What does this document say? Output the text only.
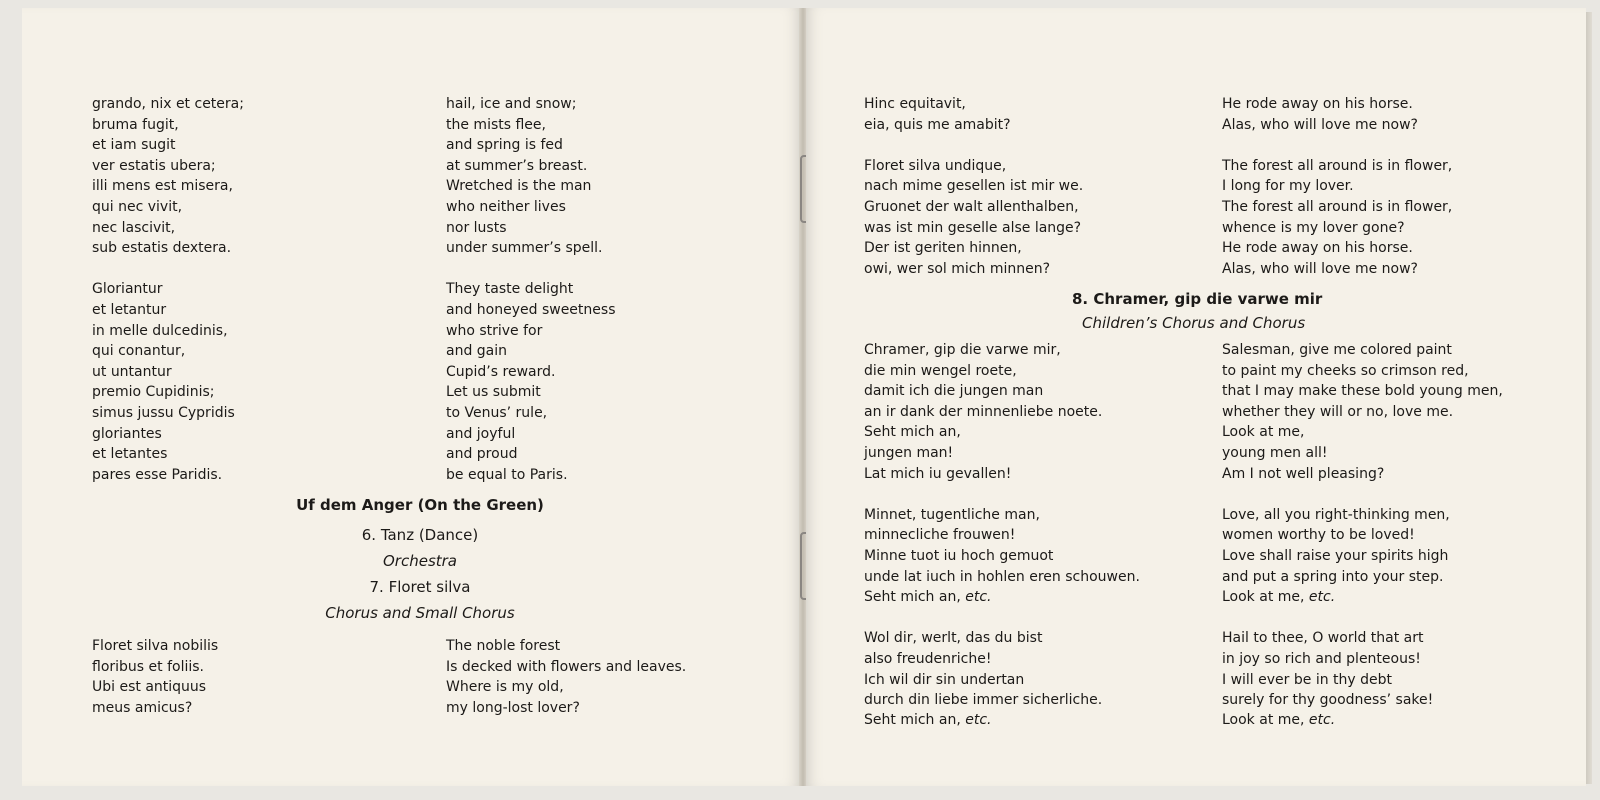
grando, nix et cetera;
bruma fugit,
et iam sugit
ver estatis ubera;
illi mens est misera,
qui nec vivit,
nec lascivit,
sub estatis dextera.
Gloriantur
et letantur
in melle dulcedinis,
qui conantur,
ut untantur
premio Cupidinis;
simus jussu Cypridis
gloriantes
et letantes
pares esse Paridis.
hail, ice and snow;
the mists flee,
and spring is fed
at summer’s breast.
Wretched is the man
who neither lives
nor lusts
under summer’s spell.
They taste delight
and honeyed sweetness
who strive for
and gain
Cupid’s reward.
Let us submit
to Venus’ rule,
and joyful
and proud
be equal to Paris.
Uf dem Anger (On the Green)
6. Tanz (Dance)
Orchestra
7. Floret silva
Chorus and Small Chorus
Floret silva nobilis
floribus et foliis.
Ubi est antiquus
meus amicus?
The noble forest
Is decked with flowers and leaves.
Where is my old,
my long-lost lover?
Hinc equitavit,
eia, quis me amabit?
Floret silva undique,
nach mime gesellen ist mir we.
Gruonet der walt allenthalben,
was ist min geselle alse lange?
Der ist geriten hinnen,
owi, wer sol mich minnen?
He rode away on his horse.
Alas, who will love me now?
The forest all around is in flower,
I long for my lover.
The forest all around is in flower,
whence is my lover gone?
He rode away on his horse.
Alas, who will love me now?
8. Chramer, gip die varwe mir
Children’s Chorus and Chorus
Chramer, gip die varwe mir,
die min wengel roete,
damit ich die jungen man
an ir dank der minnenliebe noete.
Seht mich an,
jungen man!
Lat mich iu gevallen!
Minnet, tugentliche man,
minnecliche frouwen!
Minne tuot iu hoch gemuot
unde lat iuch in hohlen eren schouwen.
Wol dir, werlt, das du bist
also freudenriche!
Ich wil dir sin undertan
durch din liebe immer sicherliche.
Salesman, give me colored paint
to paint my cheeks so crimson red,
that I may make these bold young men,
whether they will or no, love me.
Look at me,
young men all!
Am I not well pleasing?
Love, all you right-thinking men,
women worthy to be loved!
Love shall raise your spirits high
and put a spring into your step.
Hail to thee, O world that art
in joy so rich and plenteous!
I will ever be in thy debt
surely for thy goodness’ sake!
Seht mich an, etc.	Look at me, etc.
Seht mich an, etc.	Look at me, etc.
